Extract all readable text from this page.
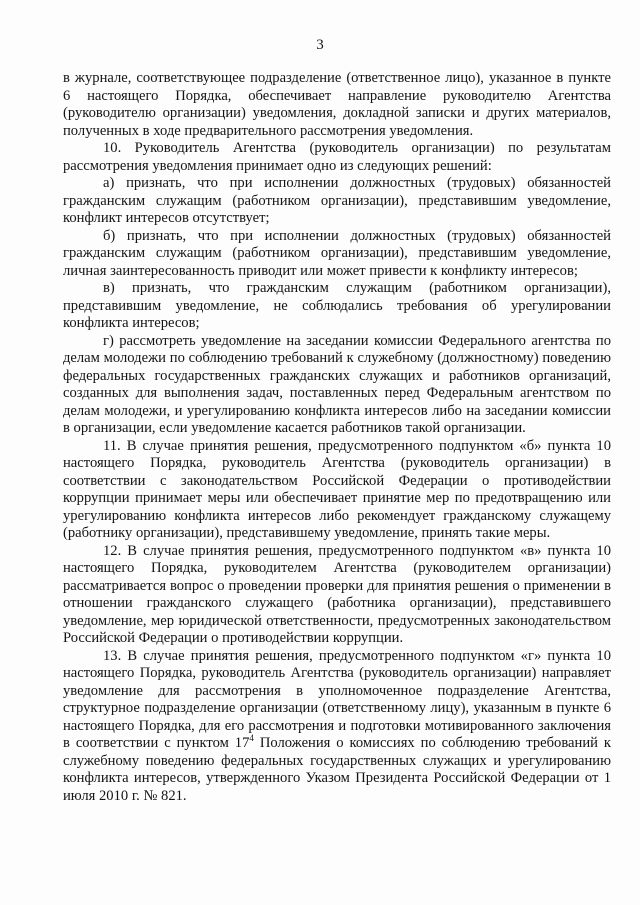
3

в журнале, соответствующее подразделение (ответственное лицо), указанное в пункте 6 настоящего Порядка, обеспечивает направление руководителю Агентства (руководителю организации) уведомления, докладной записки и других материалов, полученных в ходе предварительного рассмотрения уведомления.

10. Руководитель Агентства (руководитель организации) по результатам рассмотрения уведомления принимает одно из следующих решений:

а) признать, что при исполнении должностных (трудовых) обязанностей гражданским служащим (работником организации), представившим уведомление, конфликт интересов отсутствует;

б) признать, что при исполнении должностных (трудовых) обязанностей гражданским служащим (работником организации), представившим уведомление, личная заинтересованность приводит или может привести к конфликту интересов;

в) признать, что гражданским служащим (работником организации), представившим уведомление, не соблюдались требования об урегулировании конфликта интересов;

г) рассмотреть уведомление на заседании комиссии Федерального агентства по делам молодежи по соблюдению требований к служебному (должностному) поведению федеральных государственных гражданских служащих и работников организаций, созданных для выполнения задач, поставленных перед Федеральным агентством по делам молодежи, и урегулированию конфликта интересов либо на заседании комиссии в организации, если уведомление касается работников такой организации.

11. В случае принятия решения, предусмотренного подпунктом «б» пункта 10 настоящего Порядка, руководитель Агентства (руководитель организации) в соответствии с законодательством Российской Федерации о противодействии коррупции принимает меры или обеспечивает принятие мер по предотвращению или урегулированию конфликта интересов либо рекомендует гражданскому служащему (работнику организации), представившему уведомление, принять такие меры.

12. В случае принятия решения, предусмотренного подпунктом «в» пункта 10 настоящего Порядка, руководителем Агентства (руководителем организации) рассматривается вопрос о проведении проверки для принятия решения о применении в отношении гражданского служащего (работника организации), представившего уведомление, мер юридической ответственности, предусмотренных законодательством Российской Федерации о противодействии коррупции.

13. В случае принятия решения, предусмотренного подпунктом «г» пункта 10 настоящего Порядка, руководитель Агентства (руководитель организации) направляет уведомление для рассмотрения в уполномоченное подразделение Агентства, структурное подразделение организации (ответственному лицу), указанным в пункте 6 настоящего Порядка, для его рассмотрения и подготовки мотивированного заключения в соответствии с пунктом 17$^4$ Положения о комиссиях по соблюдению требований к служебному поведению федеральных государственных служащих и урегулированию конфликта интересов, утвержденного Указом Президента Российской Федерации от 1 июля 2010 г. № 821.
